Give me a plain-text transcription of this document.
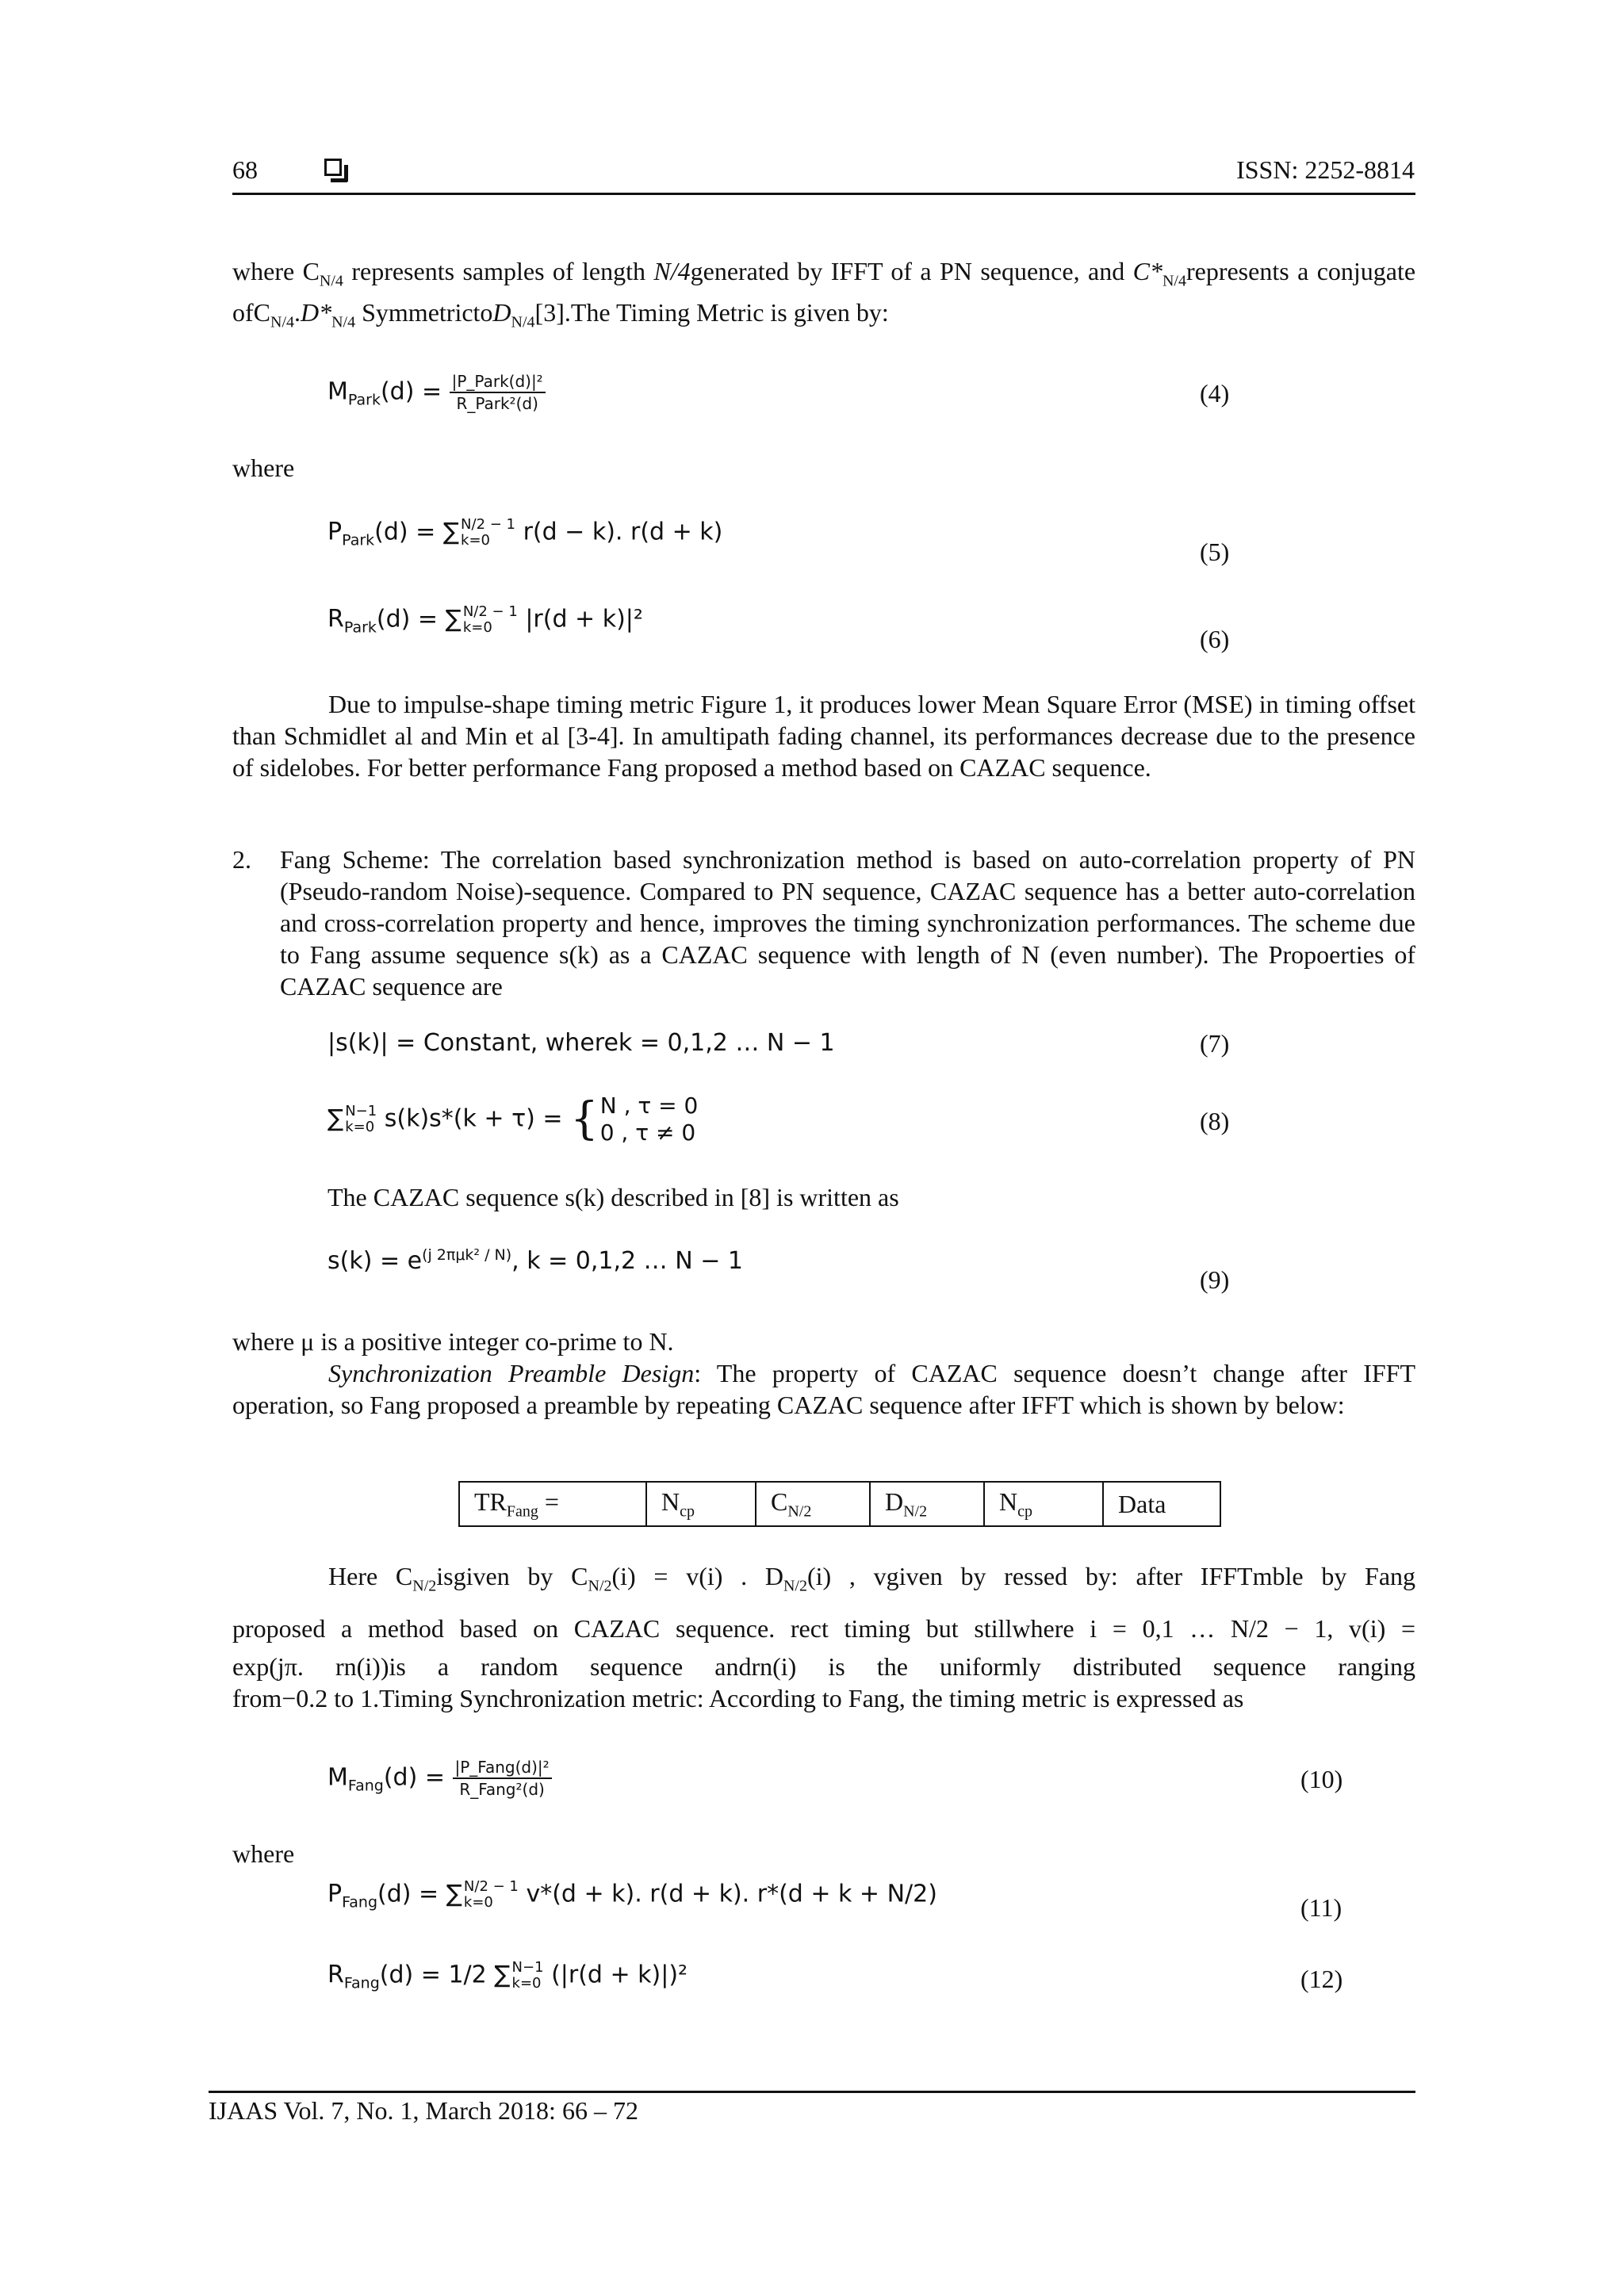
68	ISSN: 2252-8814
where $C_{N/4}$ represents samples of length N/4generated by IFFT of a PN sequence, and $C*_{N/4}represents$ a conjugate $ofC_{N/4}.D*_{N/4}$ SymmetrictoD$_{N/4}$[3].The Timing Metric is given by:
$M_{Park}(d) = \frac{\text{|P\_Park(d)|²}}{\text{R\_Park²(d)}}$	(4)
where
$P_{Park}(d)$ = ∑ N/2 − 1
k=0 r(d − k). r(d + k)
(5)
$R_{Park}(d)$ = ∑ N/2 − 1
k=0 |r(d + k)|²
(6)
Due to impulse-shape timing metric Figure 1, it produces lower Mean Square Error (MSE) in timing offset than Schmidlet al and Min et al [3-4]. In amultipath fading channel, its performances decrease due to the presence of sidelobes. For better performance Fang proposed a method based on CAZAC sequence.
2. Fang Scheme: The correlation based synchronization method is based on auto-correlation property of PN (Pseudo-random Noise)-sequence. Compared to PN sequence, CAZAC sequence has a better auto-correlation and cross-correlation property and hence, improves the timing synchronization performances. The scheme due to Fang assume sequence s(k) as a CAZAC sequence with length of N (even number). The Propoerties of CAZAC sequence are
|s(k)| = Constant, wherek = 0,1,2 … N − 1	(7)
∑ N−1
k=0 s(k)s*(k + τ) = {N , τ = 0
0 , τ ≠ 0	(8)
The CAZAC sequence s(k) described in [8] is written as
$s(k) = e^{(j 2\pi\mu k^2 / N)}$, k = 0,1,2 … N − 1
(9)
where μ is a positive integer co-prime to N.
Synchronization Preamble Design: The property of CAZAC sequence doesn’t change after IFFT operation, so Fang proposed a preamble by repeating CAZAC sequence after IFFT which is shown by below:
$TR_{Fang}$ =	$N_{cp}$	$C_{N/2}$	$D_{N/2}$	$N_{cp}$	Data
Here $C_{N/2}isgiven$ by $C_{N/2}(i) = v(i)$ . $D_{N/2}(i)$ , vgiven by ressed by: after IFFTmble by Fang
proposed a method based on CAZAC sequence. rect timing but stillwhere i = 0,1 … N/2 − 1, v(i) =
exp(jπ. rn(i))is a random sequence andrn(i) is the uniformly distributed sequence ranging
from−0.2 to 1.Timing Synchronization metric: According to Fang, the timing metric is expressed as
$M_{Fang}(d) = \frac{\text{|P\_Fang(d)|²}}{\text{R\_Fang²(d)}}$	(10)
where
$P_{Fang}(d)$ = ∑ N/2 − 1
k=0 v*(d + k). r(d + k). r*(d + k + N/2)	(11)
$R_{Fang}(d) = 1/2$ ∑ N−1
k=0 (|r(d + k)|)²	(12)
IJAAS Vol. 7, No. 1, March 2018: 66 – 72
